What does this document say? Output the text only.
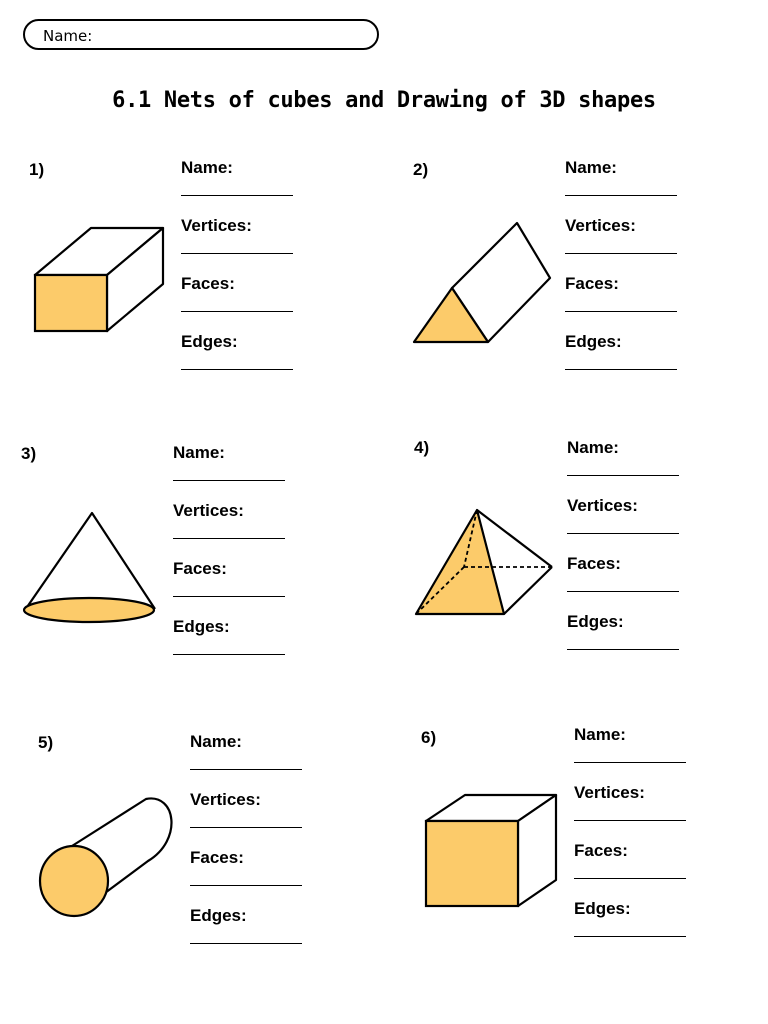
Name:
6.1 Nets of cubes and Drawing of 3D shapes
1)	Name:
Vertices:
Faces:
Edges:
2)	Name:
Vertices:
Faces:
Edges:
3)	Name:
Vertices:
Faces:
Edges:
4)	Name:
Vertices:
Faces:
Edges:
5)	Name:
Vertices:
Faces:
Edges:
6)	Name:
Vertices:
Faces:
Edges:
